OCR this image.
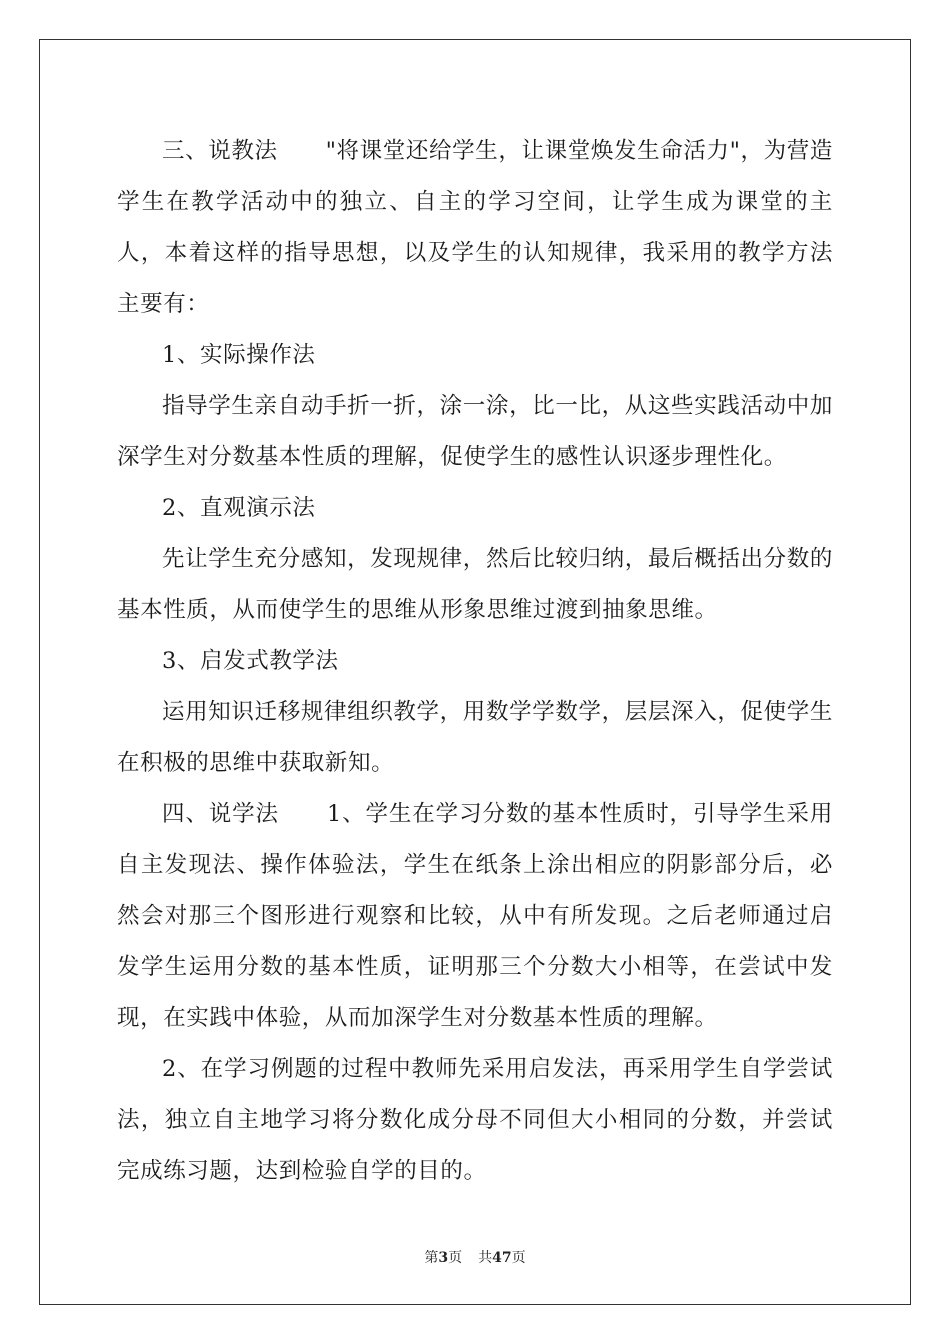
三、说教法 "将课堂还给学生，让课堂焕发生命活力"，为营造学生在教学活动中的独立、自主的学习空间，让学生成为课堂的主人，本着这样的指导思想，以及学生的认知规律，我采用的教学方法主要有：

1、实际操作法

指导学生亲自动手折一折，涂一涂，比一比，从这些实践活动中加深学生对分数基本性质的理解，促使学生的感性认识逐步理性化。

2、直观演示法

先让学生充分感知，发现规律，然后比较归纳，最后概括出分数的基本性质，从而使学生的思维从形象思维过渡到抽象思维。

3、启发式教学法

运用知识迁移规律组织教学，用数学学数学，层层深入，促使学生在积极的思维中获取新知。

四、说学法 1、学生在学习分数的基本性质时，引导学生采用自主发现法、操作体验法，学生在纸条上涂出相应的阴影部分后，必然会对那三个图形进行观察和比较，从中有所发现。之后老师通过启发学生运用分数的基本性质，证明那三个分数大小相等，在尝试中发现，在实践中体验，从而加深学生对分数基本性质的理解。

2、在学习例题的过程中教师先采用启发法，再采用学生自学尝试法，独立自主地学习将分数化成分母不同但大小相同的分数，并尝试完成练习题，达到检验自学的目的。

第3页 共47页
